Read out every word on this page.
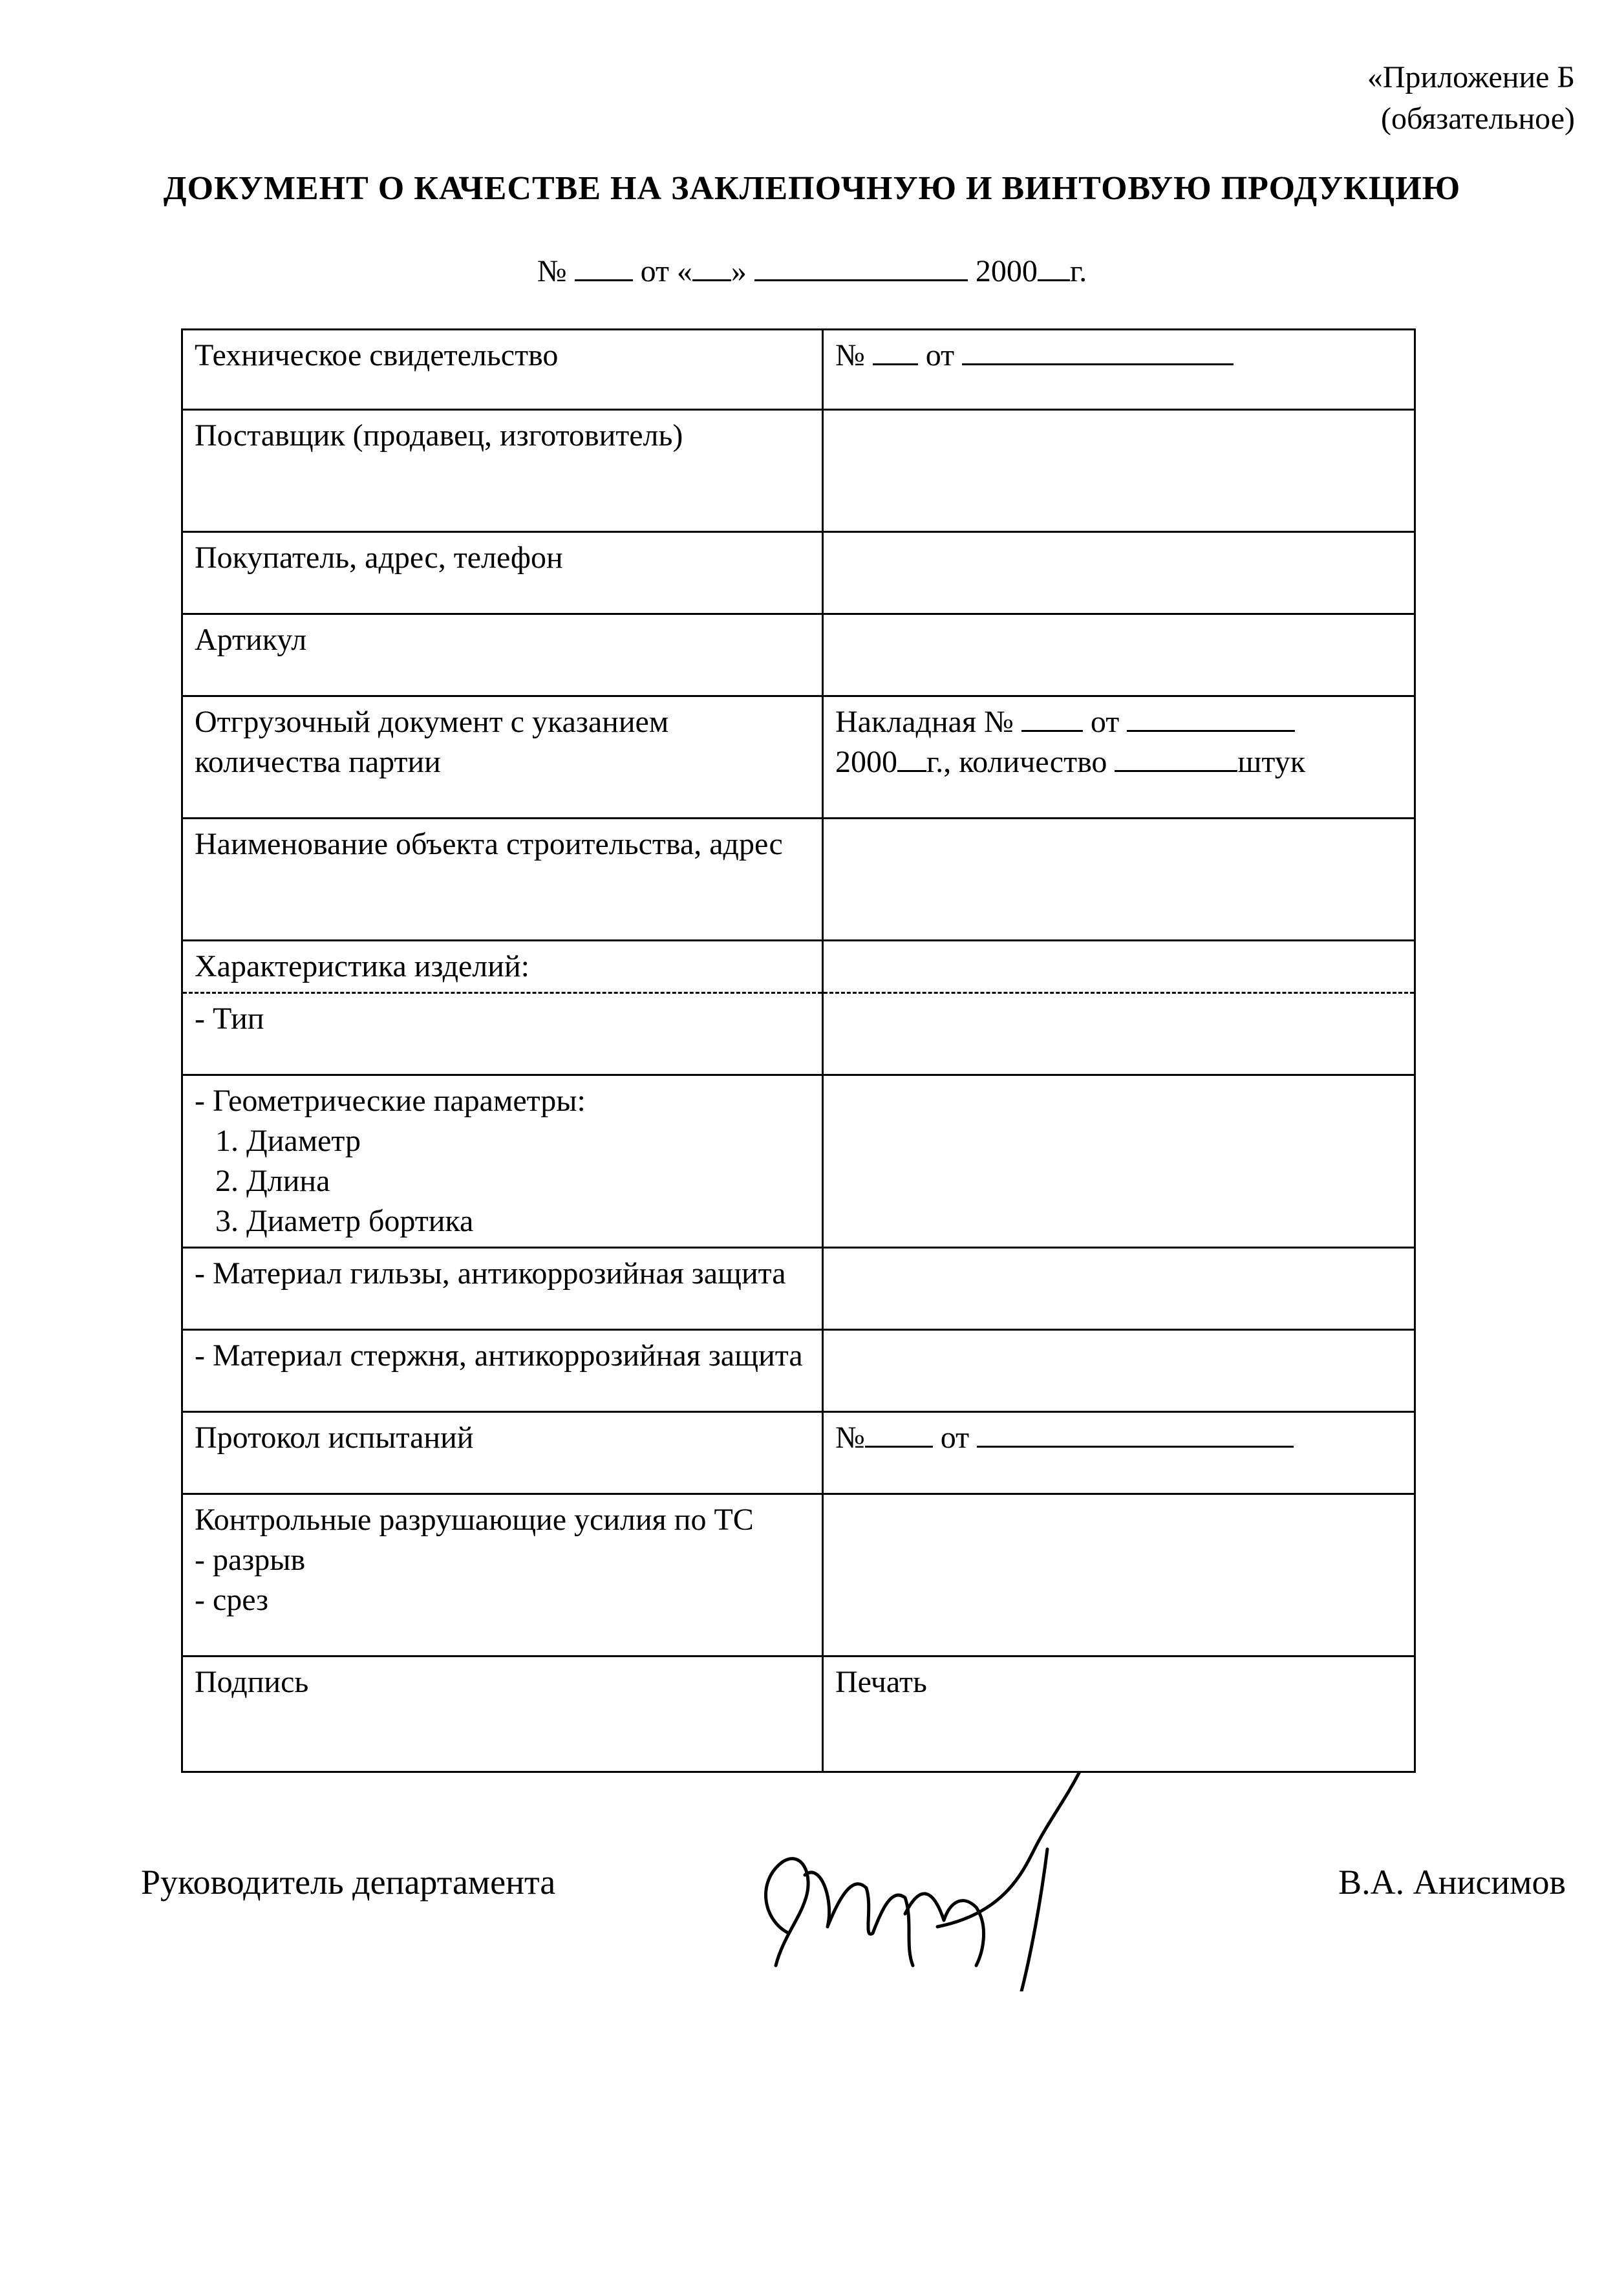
«Приложение Б
(обязательное)
ДОКУМЕНТ О КАЧЕСТВЕ НА ЗАКЛЕПОЧНУЮ И ВИНТОВУЮ ПРОДУКЦИЮ
№ от « »	2000 г.
Техническое свидетельство	№ от
Поставщик (продавец, изготовитель)	
Покупатель, адрес, телефон	
Артикул	
Отгрузочный документ с указанием количества партии	Накладная № от
2000 г., количество штук

Наименование объекта строительства, адрес	
Характеристика изделий:	
- Тип	

- Геометрические параметры:
1. Диаметр
2. Длина
3. Диаметр бортика	

- Материал гильзы, антикоррозийная защита	
- Материал стержня, антикоррозийная защита	
Протокол испытаний	№ от

Контрольные разрушающие усилия по ТС
- разрыв
- срез	

Подпись	Печать
Руководитель департамента	В.А. Анисимов
